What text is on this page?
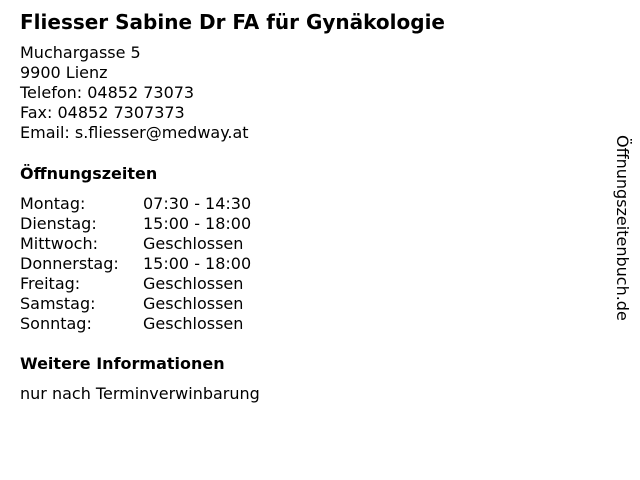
Fliesser Sabine Dr FA für Gynäkologie
Muchargasse 5
9900 Lienz
Telefon: 04852 73073
Fax: 04852 7307373
Email: s.fliesser@medway.at
Öffnungszeiten
Montag:	07:30 - 14:30
Dienstag:	15:00 - 18:00
Mittwoch:	Geschlossen
Donnerstag:	15:00 - 18:00
Freitag:	Geschlossen
Samstag:	Geschlossen
Sonntag:	Geschlossen
Weitere Informationen
nur nach Terminverwinbarung
Öffnungszeitenbuch.de
